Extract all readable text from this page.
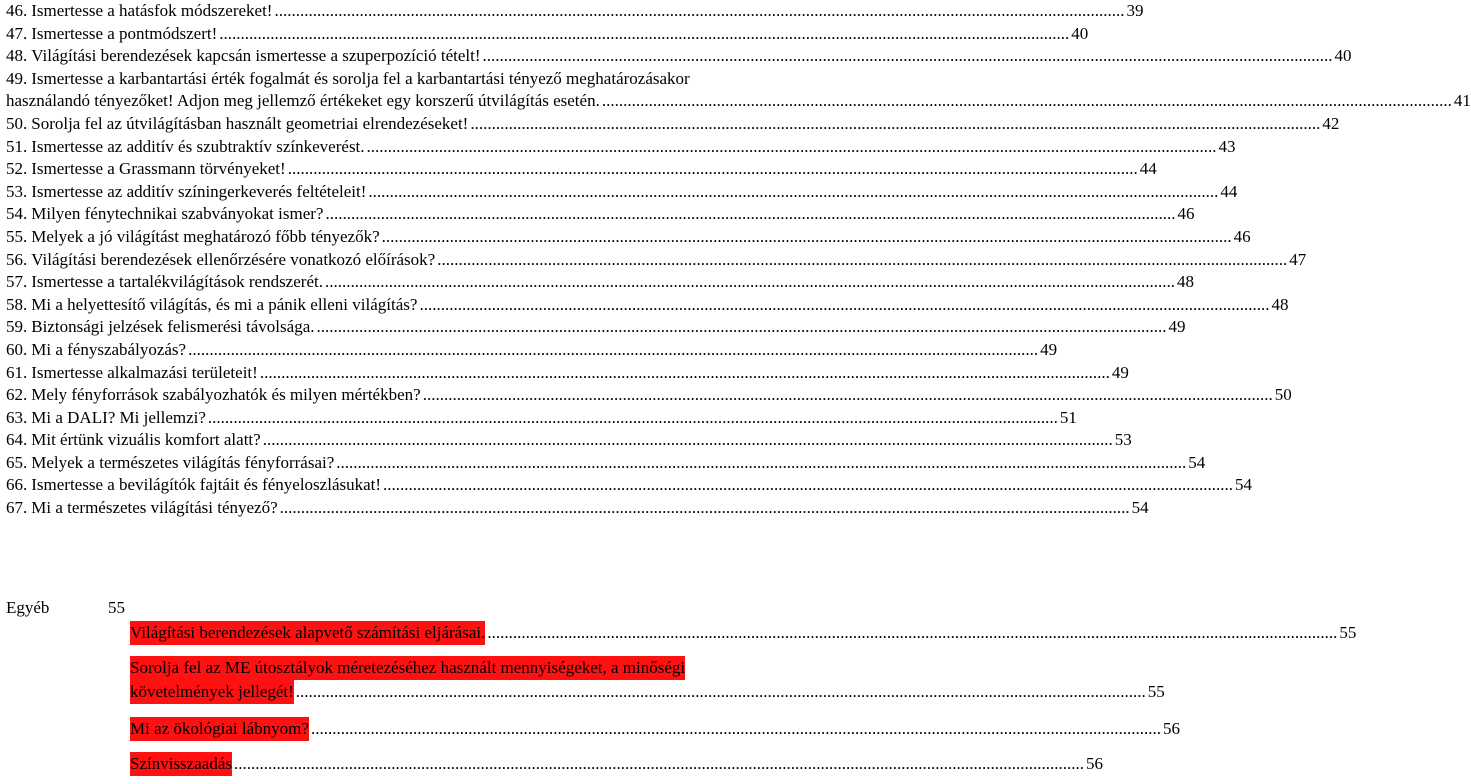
46. Ismertesse a hatásfok módszereket! .....	39
47. Ismertesse a pontmódszert! .....	40
48. Világítási berendezések kapcsán ismertesse a szuperpozíció tételt! .....	40
49. Ismertesse a karbantartási érték fogalmát és sorolja fel a karbantartási tényező meghatározásakor
használandó tényezőket! Adjon meg jellemző értékeket egy korszerű útvilágítás esetén. .....	41
50. Sorolja fel az útvilágításban használt geometriai elrendezéseket! .....	42
51. Ismertesse az additív és szubtraktív színkeverést. .....	43
52. Ismertesse a Grassmann törvényeket! .....	44
53. Ismertesse az additív színingerkeverés feltételeit! .....	44
54. Milyen fénytechnikai szabványokat ismer? .....	46
55. Melyek a jó világítást meghatározó főbb tényezők? .....	46
56. Világítási berendezések ellenőrzésére vonatkozó előírások? .....	47
57. Ismertesse a tartalékvilágítások rendszerét. .....	48
58. Mi a helyettesítő világítás, és mi a pánik elleni világítás? .....	48
59. Biztonsági jelzések felismerési távolsága. .....	49
60. Mi a fényszabályozás? .....	49
61. Ismertesse alkalmazási területeit! .....	49
62. Mely fényforrások szabályozhatók és milyen mértékben? .....	50
63. Mi a DALI? Mi jellemzi? .....	51
64. Mit értünk vizuális komfort alatt? .....	53
65. Melyek a természetes világítás fényforrásai? .....	54
66. Ismertesse a bevilágítók fajtáit és fényeloszlásukat! .....	54
67. Mi a természetes világítási tényező? .....	54
Egyéb	55
Világítási berendezések alapvető számítási eljárásai. .....	55
Sorolja fel az ME útosztályok méretezéséhez használt mennyiségeket, a minőségi
követelmények jellegét! .....	55
Mi az ökológiai lábnyom? .....	56
Színvisszaadás .....	56
